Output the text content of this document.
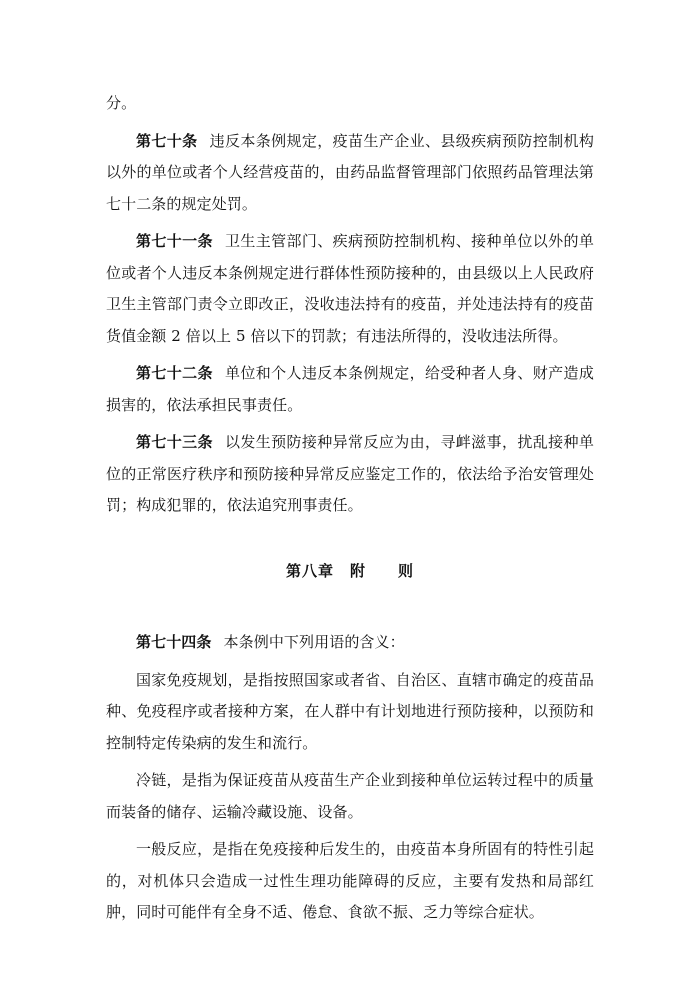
分。

第七十条 违反本条例规定，疫苗生产企业、县级疾病预防控制机构以外的单位或者个人经营疫苗的，由药品监督管理部门依照药品管理法第七十二条的规定处罚。

第七十一条 卫生主管部门、疾病预防控制机构、接种单位以外的单位或者个人违反本条例规定进行群体性预防接种的，由县级以上人民政府卫生主管部门责令立即改正，没收违法持有的疫苗，并处违法持有的疫苗货值金额 2 倍以上 5 倍以下的罚款；有违法所得的，没收违法所得。

第七十二条 单位和个人违反本条例规定，给受种者人身、财产造成损害的，依法承担民事责任。

第七十三条 以发生预防接种异常反应为由，寻衅滋事，扰乱接种单位的正常医疗秩序和预防接种异常反应鉴定工作的，依法给予治安管理处罚；构成犯罪的，依法追究刑事责任。

第八章　附　　则

第七十四条 本条例中下列用语的含义：

国家免疫规划，是指按照国家或者省、自治区、直辖市确定的疫苗品种、免疫程序或者接种方案，在人群中有计划地进行预防接种，以预防和控制特定传染病的发生和流行。

冷链，是指为保证疫苗从疫苗生产企业到接种单位运转过程中的质量而装备的储存、运输冷藏设施、设备。

一般反应，是指在免疫接种后发生的，由疫苗本身所固有的特性引起的，对机体只会造成一过性生理功能障碍的反应，主要有发热和局部红肿，同时可能伴有全身不适、倦怠、食欲不振、乏力等综合症状。
